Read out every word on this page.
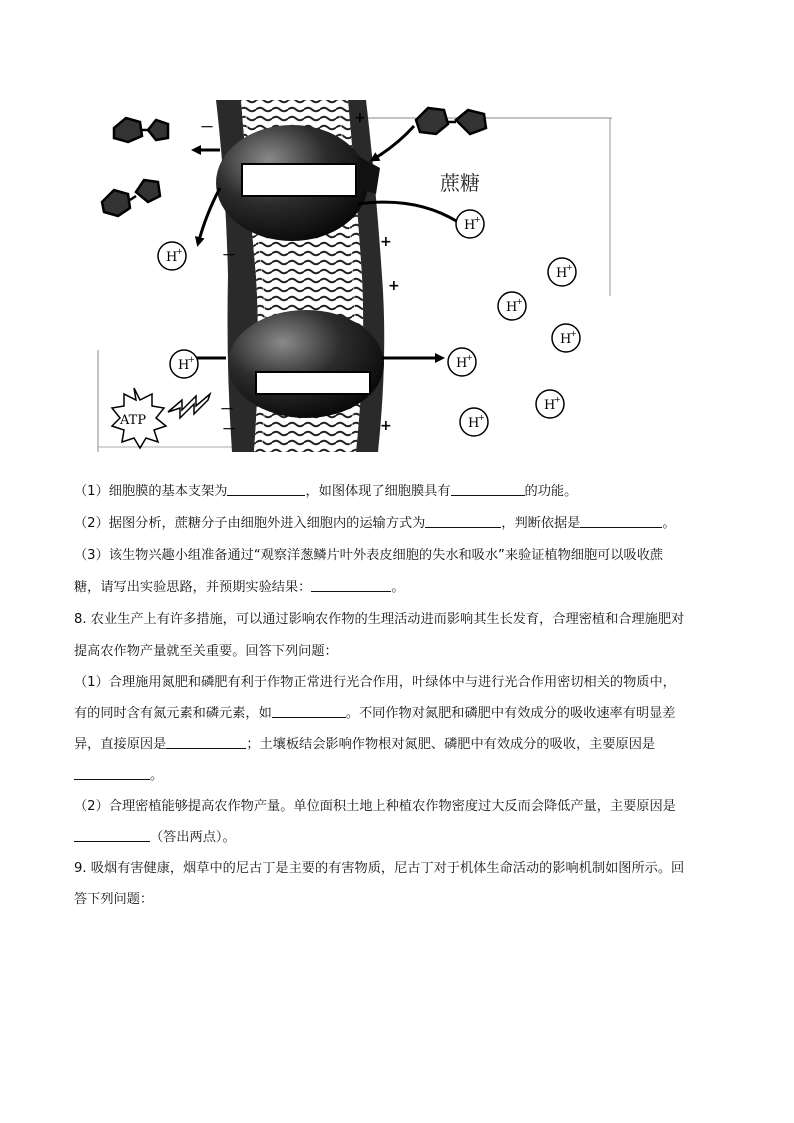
H
+
H
+
H
+
H
+
H
+
H
+	H
+
H
+
H
+
蔗糖
ATP
+
－
+
－
+
－
－	+

（1）细胞膜的基本支架为	，如图体现了细胞膜具有	的功能。

（2）据图分析，蔗糖分子由细胞外进入细胞内的运输方式为	，判断依据是	。

（3）该生物兴趣小组准备通过“观察洋葱鳞片叶外表皮细胞的失水和吸水”来验证植物细胞可以吸收蔗

糖，请写出实验思路，并预期实验结果：	。

8. 农业生产上有许多措施，可以通过影响农作物的生理活动进而影响其生长发育，合理密植和合理施肥对

提高农作物产量就至关重要。回答下列问题：

（1）合理施用氮肥和磷肥有利于作物正常进行光合作用，叶绿体中与进行光合作用密切相关的物质中，

有的同时含有氮元素和磷元素，如	。不同作物对氮肥和磷肥中有效成分的吸收速率有明显差

异，直接原因是	；土壤板结会影响作物根对氮肥、磷肥中有效成分的吸收，主要原因是

。

（2）合理密植能够提高农作物产量。单位面积土地上种植农作物密度过大反而会降低产量，主要原因是

（答出两点）。

9. 吸烟有害健康，烟草中的尼古丁是主要的有害物质，尼古丁对于机体生命活动的影响机制如图所示。回

答下列问题：
